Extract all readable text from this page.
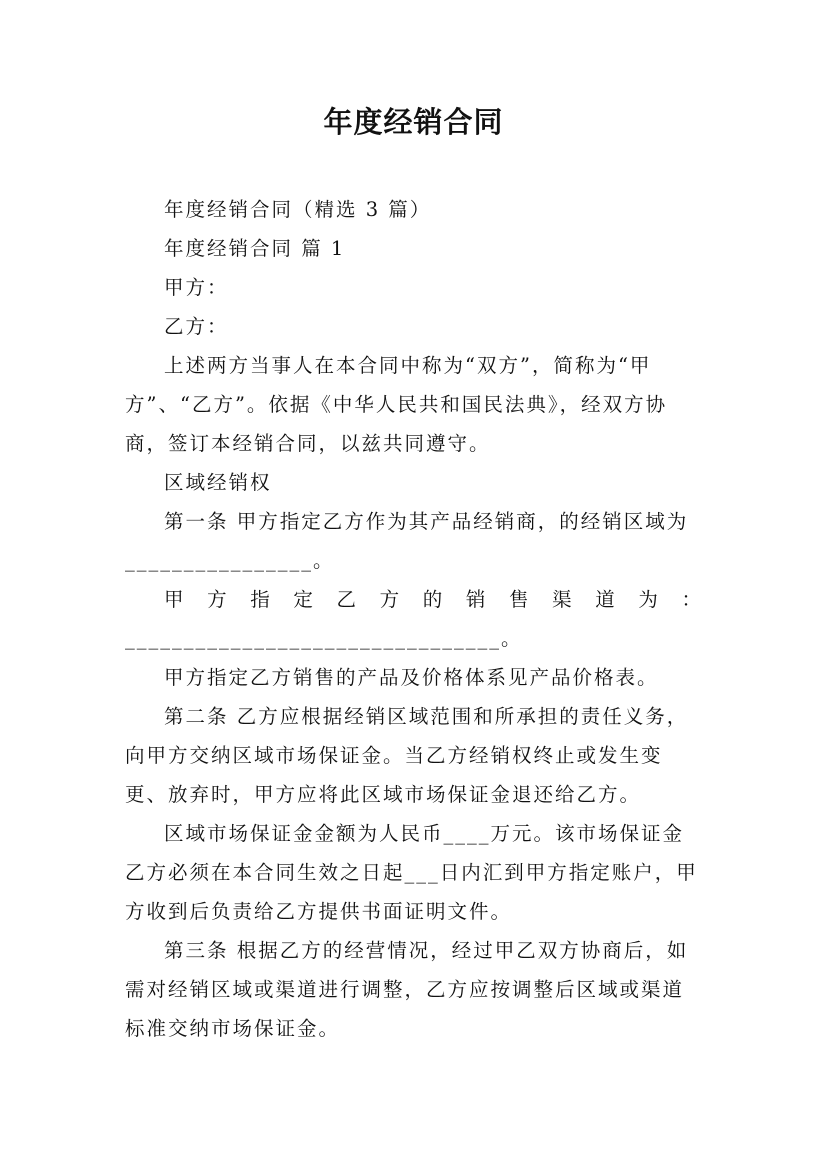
年度经销合同

年度经销合同（精选 3 篇）

年度经销合同 篇 1

甲方：

乙方：

上述两方当事人在本合同中称为“双方”，简称为“甲方”、“乙方”。依据《中华人民共和国民法典》，经双方协商，签订本经销合同，以兹共同遵守。

区域经销权

第一条 甲方指定乙方作为其产品经销商，的经销区域为________________。

甲方指定乙方的销售渠道为：

________________________________。

甲方指定乙方销售的产品及价格体系见产品价格表。

第二条 乙方应根据经销区域范围和所承担的责任义务，向甲方交纳区域市场保证金。当乙方经销权终止或发生变更、放弃时，甲方应将此区域市场保证金退还给乙方。

区域市场保证金金额为人民币____万元。该市场保证金乙方必须在本合同生效之日起___日内汇到甲方指定账户，甲方收到后负责给乙方提供书面证明文件。

第三条 根据乙方的经营情况，经过甲乙双方协商后，如需对经销区域或渠道进行调整，乙方应按调整后区域或渠道标准交纳市场保证金。
